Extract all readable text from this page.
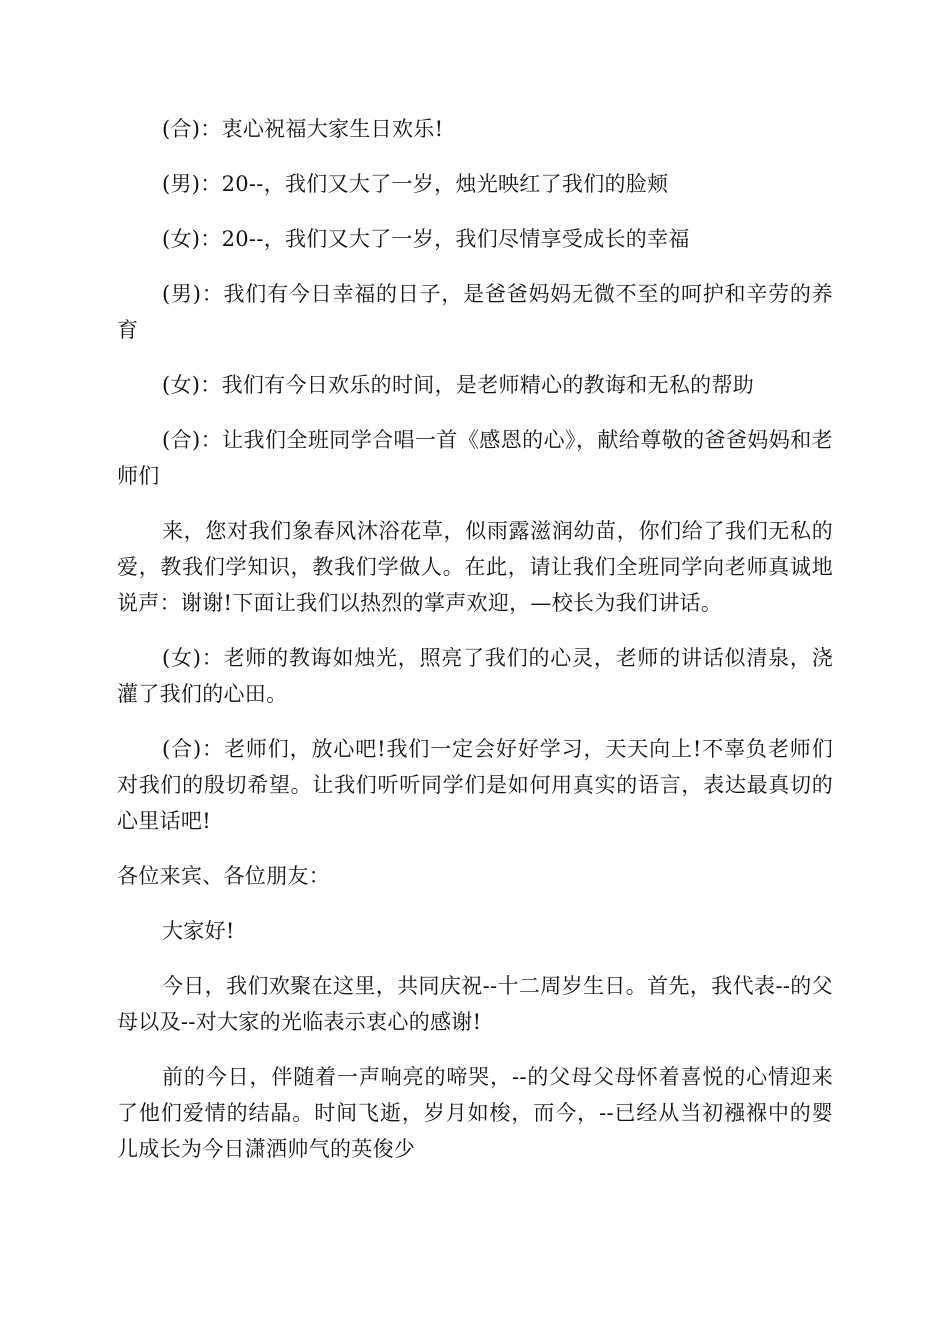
(合)：衷心祝福大家生日欢乐!

(男)：20--，我们又大了一岁，烛光映红了我们的脸颊

(女)：20--，我们又大了一岁，我们尽情享受成长的幸福

(男)：我们有今日幸福的日子，是爸爸妈妈无微不至的呵护和辛劳的养育

(女)：我们有今日欢乐的时间，是老师精心的教诲和无私的帮助

(合)：让我们全班同学合唱一首《感恩的心》，献给尊敬的爸爸妈妈和老师们

来，您对我们象春风沐浴花草，似雨露滋润幼苗，你们给了我们无私的爱，教我们学知识，教我们学做人。在此，请让我们全班同学向老师真诚地说声：谢谢!下面让我们以热烈的掌声欢迎，—校长为我们讲话。

(女)：老师的教诲如烛光，照亮了我们的心灵，老师的讲话似清泉，浇灌了我们的心田。

(合)：老师们，放心吧!我们一定会好好学习，天天向上!不辜负老师们对我们的殷切希望。让我们听听同学们是如何用真实的语言，表达最真切的心里话吧!

各位来宾、各位朋友：

大家好!

今日，我们欢聚在这里，共同庆祝--十二周岁生日。首先，我代表--的父母以及--对大家的光临表示衷心的感谢!

前的今日，伴随着一声响亮的啼哭，--的父母父母怀着喜悦的心情迎来了他们爱情的结晶。时间飞逝，岁月如梭，而今，--已经从当初襁褓中的婴儿成长为今日潇洒帅气的英俊少
